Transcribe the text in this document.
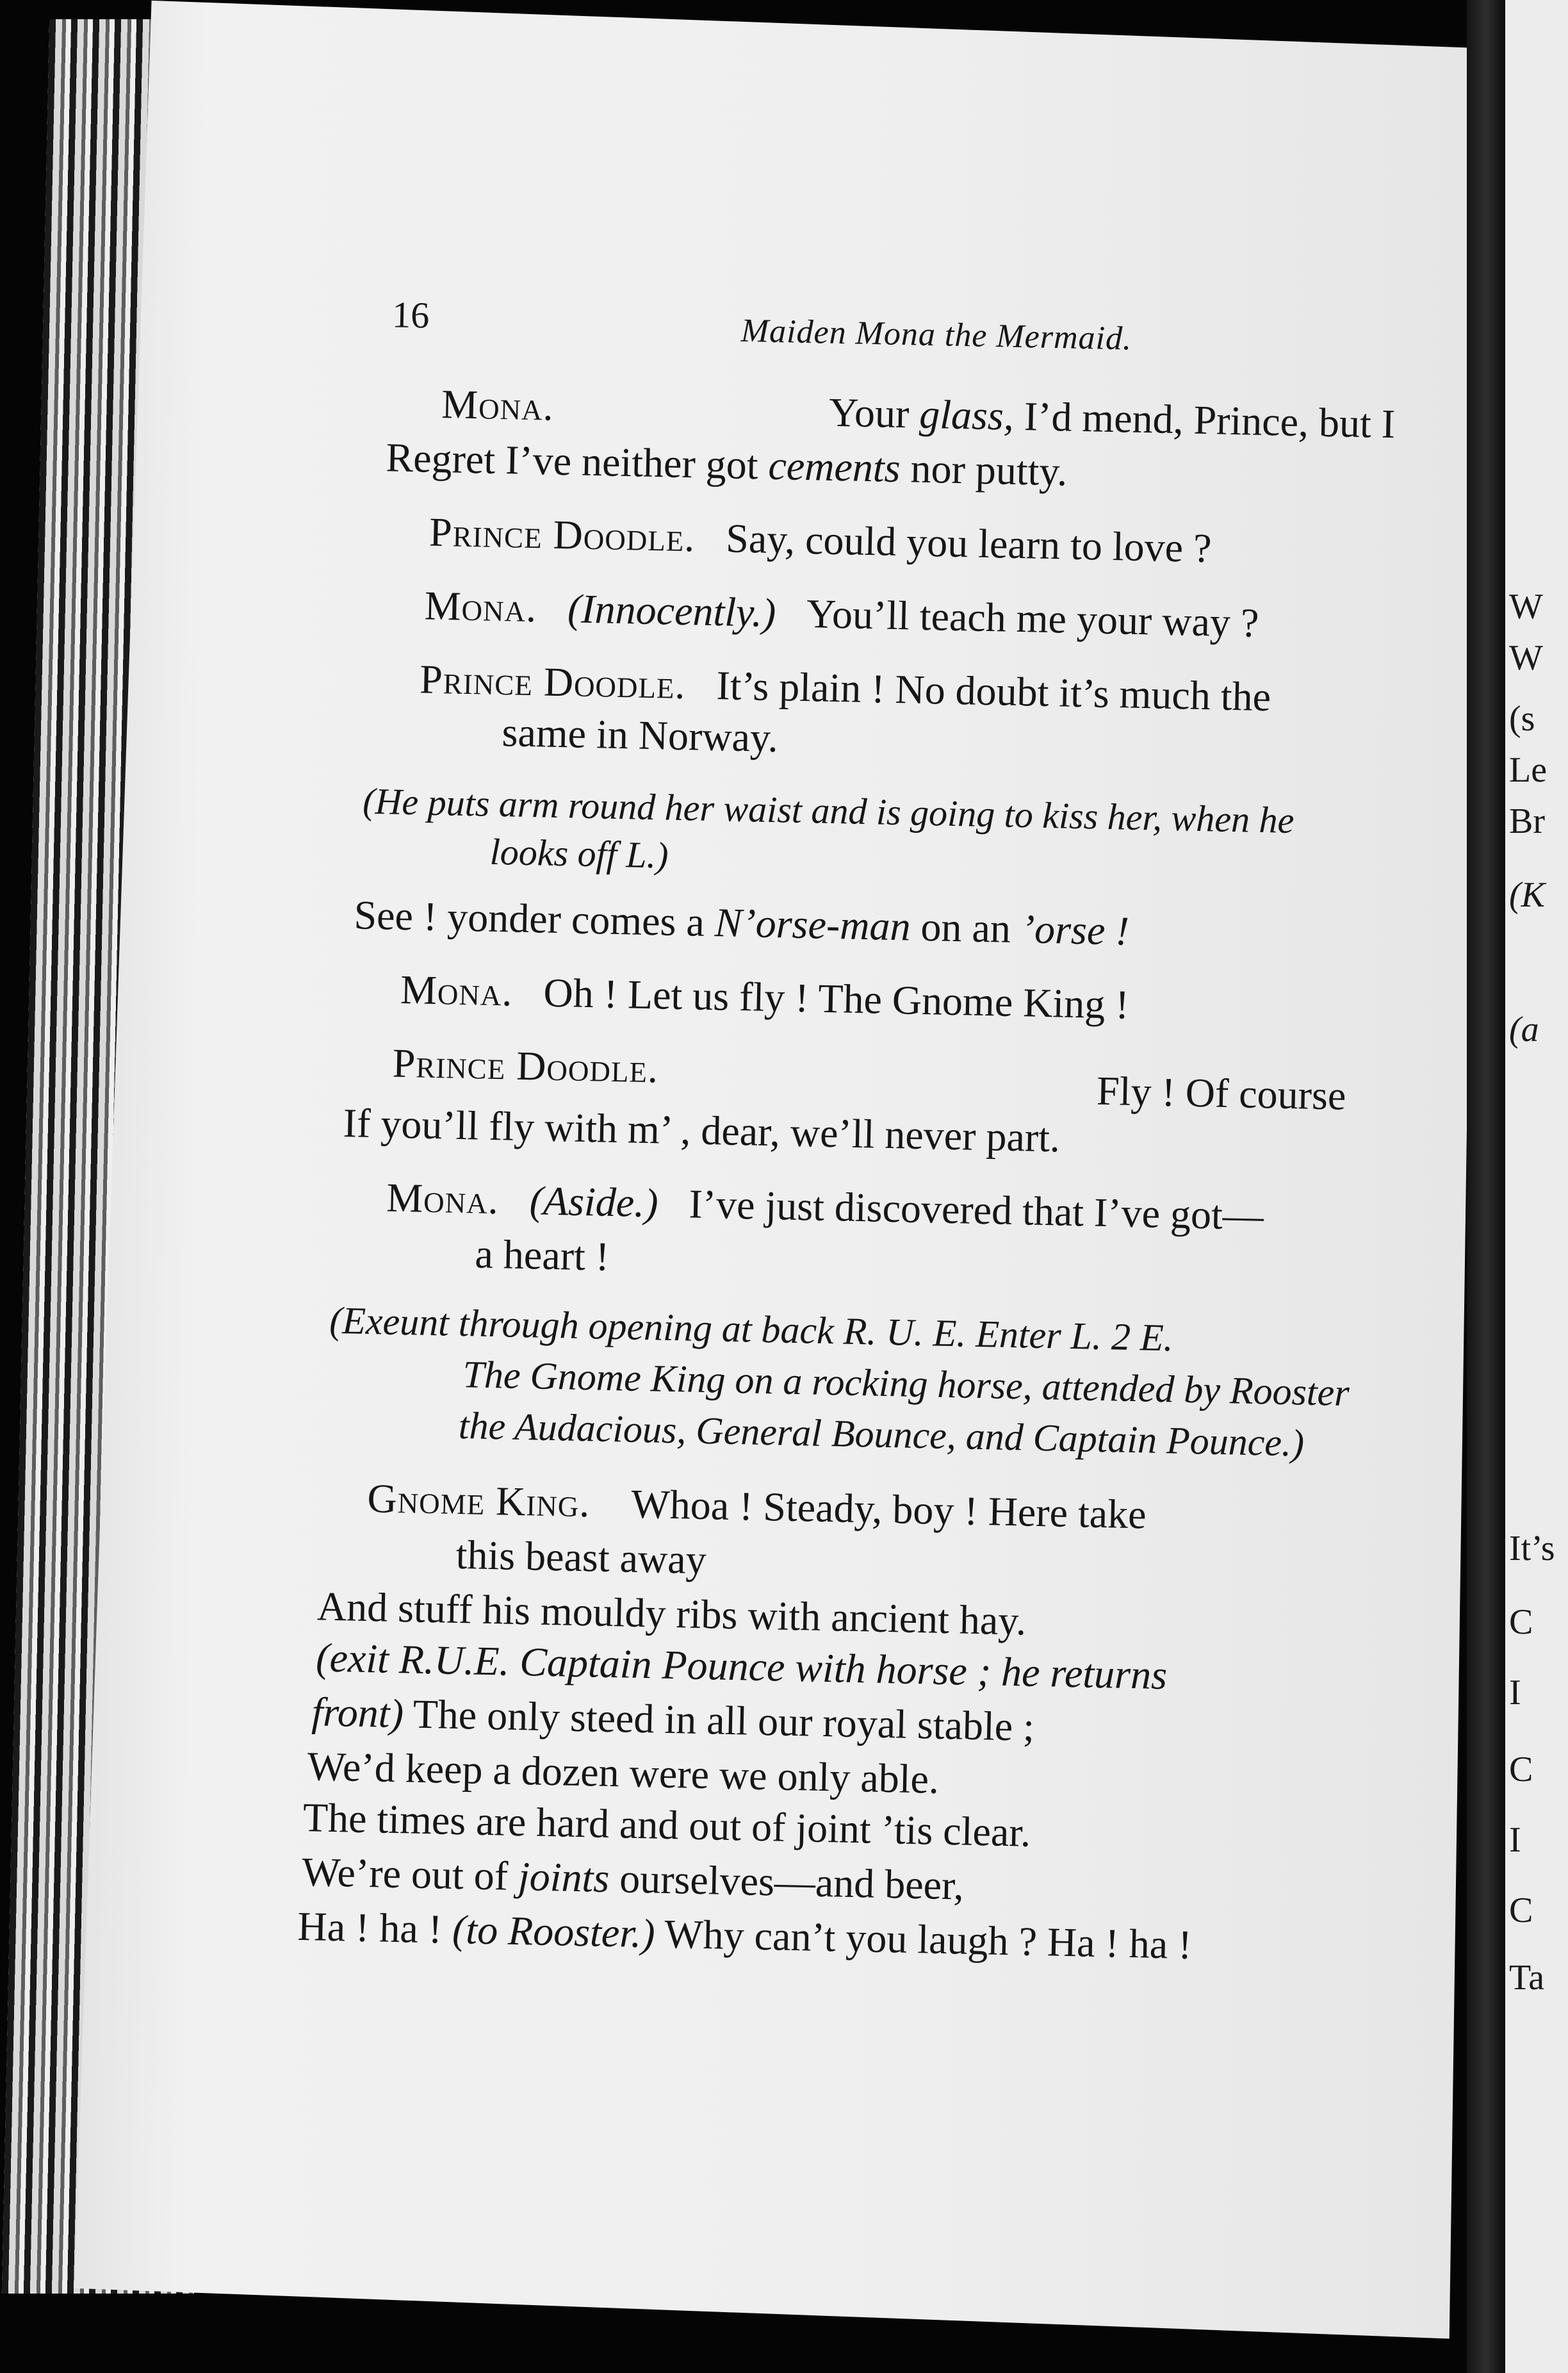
W
W
(s
Le
Br
(K
(a
It’s
C
I
C
I
C
Ta
16	Maiden Mona the Mermaid.
Mona.	Your glass, I’d mend, Prince, but I
Regret I’ve neither got cements nor putty.
Prince Doodle. Say, could you learn to love ?
Mona. (Innocently.) You’ll teach me your way ?
Prince Doodle. It’s plain ! No doubt it’s much the
same in Norway.
(He puts arm round her waist and is going to kiss her, when he
looks off L.)
See ! yonder comes a N’orse-man on an ’orse !
Mona. Oh ! Let us fly ! The Gnome King !
Prince Doodle.
Fly ! Of course
If you’ll fly with m’ , dear, we’ll never part.
Mona. (Aside.) I’ve just discovered that I’ve got—
a heart !
(Exeunt through opening at back R. U. E. Enter L. 2 E.
The Gnome King on a rocking horse, attended by Rooster
the Audacious, General Bounce, and Captain Pounce.)
Gnome King. Whoa ! Steady, boy ! Here take
this beast away
And stuff his mouldy ribs with ancient hay.
(exit R.U.E. Captain Pounce with horse ; he returns
front) The only steed in all our royal stable ;
We’d keep a dozen were we only able.
The times are hard and out of joint ’tis clear.
We’re out of joints ourselves—and beer,
Ha ! ha ! (to Rooster.) Why can’t you laugh ? Ha ! ha !
